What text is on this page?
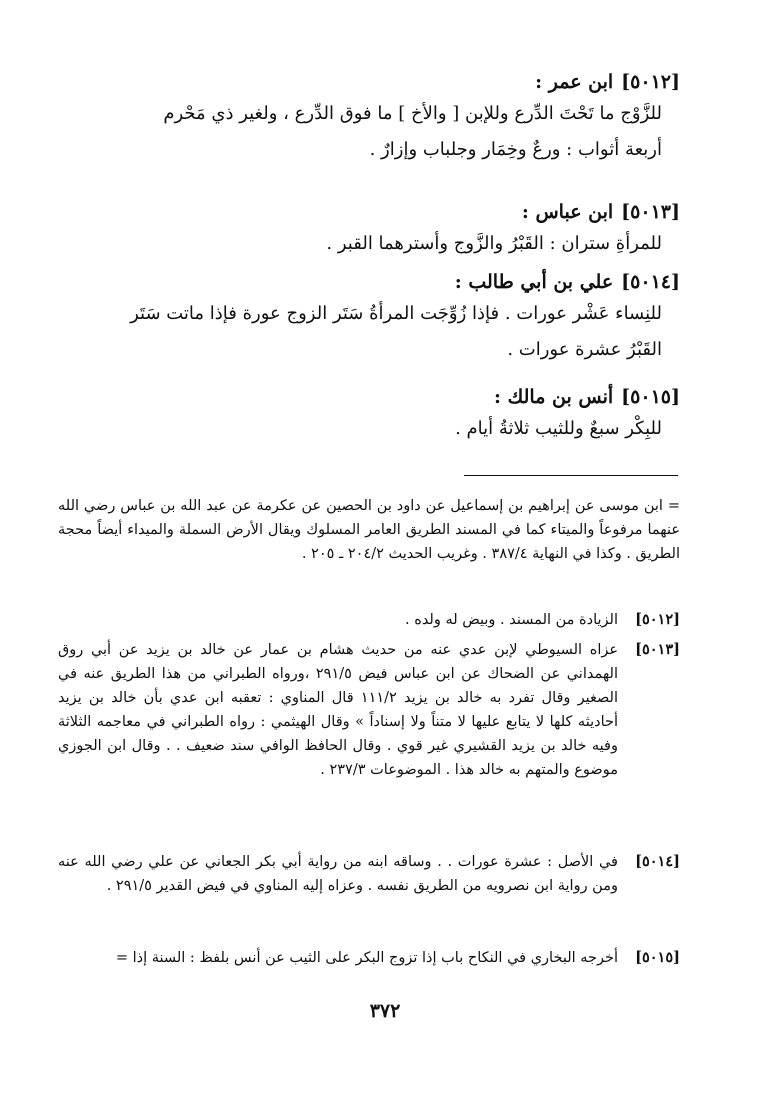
[٥٠١٢]ابن عمر :
للزَّوْج ما تَحْتَ الدِّرع وللإبن [ والأخ ] ما فوق الدِّرع ، ولغير ذي مَحْرم
أربعة أثواب : ورعٌ وخِمَار وجلباب وإزارٌ .
[٥٠١٣]ابن عباس :
للمرأةِ ستران : القَبْرُ والزَّوج وأسترهما القبر .
[٥٠١٤]علي بن أبي طالب :
للنِساء عَشْر عورات . فإذا زُوِّجَت المرأةُ سَتَر الزوج عورة فإذا ماتت سَتَر
القَبْرُ عشرة عورات .
[٥٠١٥]أنس بن مالك :
للبِكْر سبعٌ وللثيب ثلاثةُ أيام .
= ابن موسى عن إبراهيم بن إسماعيل عن داود بن الحصين عن عكرمة عن عبد الله بن عباس رضي الله عنهما مرفوعاً والميتاء كما في المسند الطريق العامر المسلوك ويقال الأرض السملة والميداء أيضاً محجة الطريق . وكذا في النهاية ٣٨٧/٤ . وغريب الحديث ٢٠٤/٢ ـ ٢٠٥ .
[٥٠١٢]
الزيادة من المسند . وبيض له ولده .
[٥٠١٣]
عزاه السيوطي لإبن عدي عنه من حديث هشام بن عمار عن خالد بن يزيد عن أبي روق الهمداني عن الضحاك عن ابن عباس فيض ٢٩١/٥ ،ورواه الطبراني من هذا الطريق عنه في الصغير وقال تفرد به خالد بن يزيد ١١١/٢ قال المناوي : تعقبه ابن عدي بأن خالد بن يزيد أحاديثه كلها لا يتابع عليها لا متناً ولا إسناداً » وقال الهيثمي : رواه الطبراني في معاجمه الثلاثة وفيه خالد بن يزيد القشيري غير قوي . وقال الحافظ الوافي سند ضعيف . . وقال ابن الجوزي موضوع والمتهم به خالد هذا . الموضوعات ٢٣٧/٣ .
[٥٠١٤]
في الأصل : عشرة عورات . . وساقه ابنه من رواية أبي بكر الجعاني عن علي رضي الله عنه ومن رواية ابن نصرويه من الطريق نفسه . وعزاه إليه المناوي في فيض القدير ٢٩١/٥ .
[٥٠١٥]
أخرجه البخاري في النكاح باب إذا تزوج البكر على الثيب عن أنس بلفظ : السنة إذا =
٣٧٢
